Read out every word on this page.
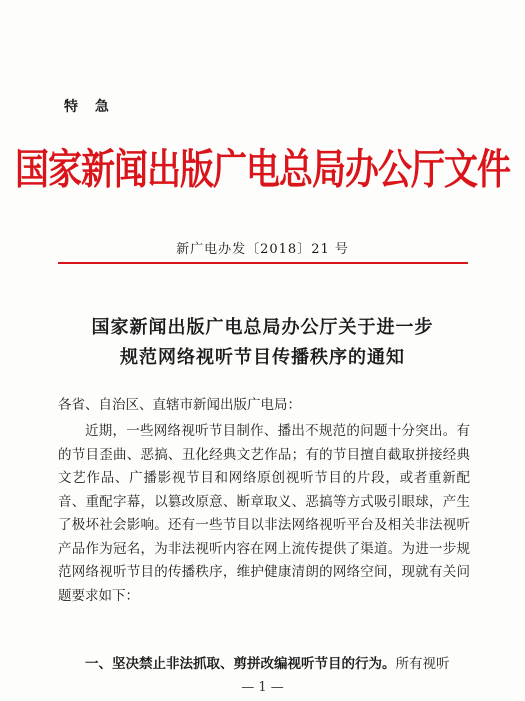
特 急
国家新闻出版广电总局办公厅文件
新广电办发〔2018〕21 号
国家新闻出版广电总局办公厅关于进一步
规范网络视听节目传播秩序的通知
各省、自治区、直辖市新闻出版广电局：

近期，一些网络视听节目制作、播出不规范的问题十分突出。有的节目歪曲、恶搞、丑化经典文艺作品；有的节目擅自截取拼接经典文艺作品、广播影视节目和网络原创视听节目的片段，或者重新配音、重配字幕，以篡改原意、断章取义、恶搞等方式吸引眼球，产生了极坏社会影响。还有一些节目以非法网络视听平台及相关非法视听产品作为冠名，为非法视听内容在网上流传提供了渠道。为进一步规范网络视听节目的传播秩序，维护健康清朗的网络空间，现就有关问题要求如下：

一、坚决禁止非法抓取、剪拼改编视听节目的行为。所有视听

— 1 —
